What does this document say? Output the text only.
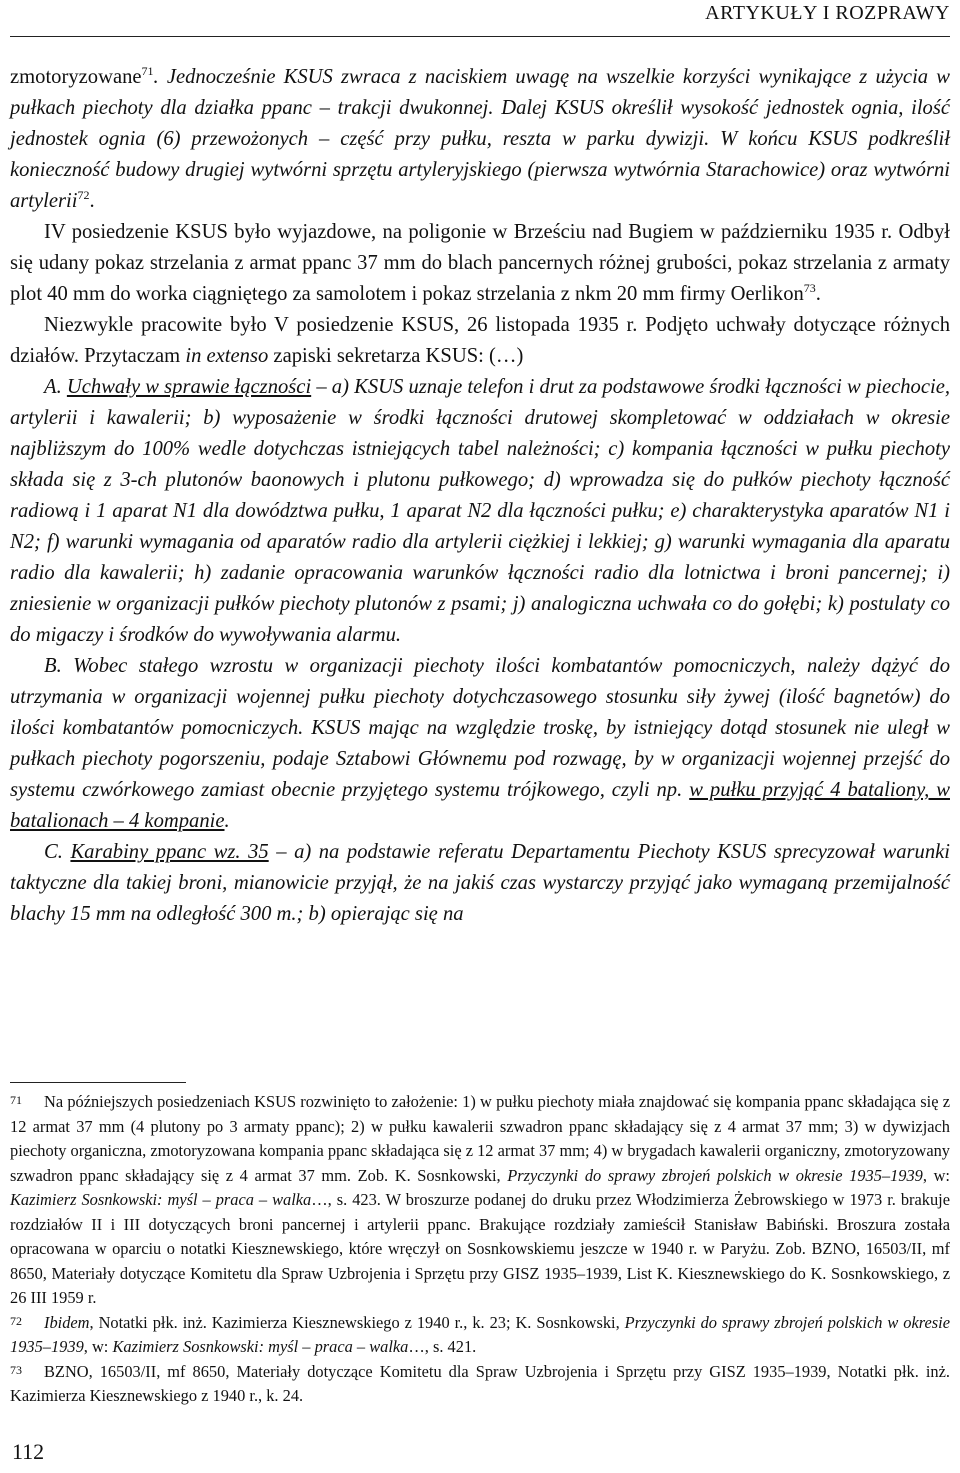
ARTYKUŁY I ROZPRAWY

zmotoryzowane$^{71}$. Jednocześnie KSUS zwraca z naciskiem uwagę na wszelkie korzyści wynikające z użycia w pułkach piechoty dla działka ppanc – trakcji dwukonnej. Dalej KSUS określił wysokość jednostek ognia, ilość jednostek ognia (6) przewożonych – część przy pułku, reszta w parku dywizji. W końcu KSUS podkreślił konieczność budowy drugiej wytwórni sprzętu artyleryjskiego (pierwsza wytwórnia Starachowice) oraz wytwórni artylerii$^{72}$.

IV posiedzenie KSUS było wyjazdowe, na poligonie w Brześciu nad Bugiem w październiku 1935 r. Odbył się udany pokaz strzelania z armat ppanc 37 mm do blach pancernych różnej grubości, pokaz strzelania z armaty plot 40 mm do worka ciągniętego za samolotem i pokaz strzelania z nkm 20 mm firmy Oerlikon$^{73}$.

Niezwykle pracowite było V posiedzenie KSUS, 26 listopada 1935 r. Podjęto uchwały dotyczące różnych działów. Przytaczam in extenso zapiski sekretarza KSUS: (…)

A. Uchwały w sprawie łączności – a) KSUS uznaje telefon i drut za podstawowe środki łączności w piechocie, artylerii i kawalerii; b) wyposażenie w środki łączności drutowej skompletować w oddziałach w okresie najbliższym do 100% wedle dotychczas istniejących tabel należności; c) kompania łączności w pułku piechoty składa się z 3-ch plutonów baonowych i plutonu pułkowego; d) wprowadza się do pułków piechoty łączność radiową i 1 aparat N1 dla dowództwa pułku, 1 aparat N2 dla łączności pułku; e) charakterystyka aparatów N1 i N2; f) warunki wymagania od aparatów radio dla artylerii ciężkiej i lekkiej; g) warunki wymagania dla aparatu radio dla kawalerii; h) zadanie opracowania warunków łączności radio dla lotnictwa i broni pancernej; i) zniesienie w organizacji pułków piechoty plutonów z psami; j) analogiczna uchwała co do gołębi; k) postulaty co do migaczy i środków do wywoływania alarmu.

B. Wobec stałego wzrostu w organizacji piechoty ilości kombatantów pomocniczych, należy dążyć do utrzymania w organizacji wojennej pułku piechoty dotychczasowego stosunku siły żywej (ilość bagnetów) do ilości kombatantów pomocniczych. KSUS mając na względzie troskę, by istniejący dotąd stosunek nie uległ w pułkach piechoty pogorszeniu, podaje Sztabowi Głównemu pod rozwagę, by w organizacji wojennej przejść do systemu czwórkowego zamiast obecnie przyjętego systemu trójkowego, czyli np. w pułku przyjąć 4 bataliony, w batalionach – 4 kompanie.

C. Karabiny ppanc wz. 35 – a) na podstawie referatu Departamentu Piechoty KSUS sprecyzował warunki taktyczne dla takiej broni, mianowicie przyjął, że na jakiś czas wystarczy przyjąć jako wymaganą przemijalność blachy 15 mm na odległość 300 m.; b) opierając się na

71 Na późniejszych posiedzeniach KSUS rozwinięto to założenie: 1) w pułku piechoty miała znajdować się kompania ppanc składająca się z 12 armat 37 mm (4 plutony po 3 armaty ppanc); 2) w pułku kawalerii szwadron ppanc składający się z 4 armat 37 mm; 3) w dywizjach piechoty organiczna, zmotoryzowana kompania ppanc składająca się z 12 armat 37 mm; 4) w brygadach kawalerii organiczny, zmotoryzowany szwadron ppanc składający się z 4 armat 37 mm. Zob. K. Sosnkowski, Przyczynki do sprawy zbrojeń polskich w okresie 1935–1939, w: Kazimierz Sosnkowski: myśl – praca – walka…, s. 423. W broszurze podanej do druku przez Włodzimierza Żebrowskiego w 1973 r. brakuje rozdziałów II i III dotyczących broni pancernej i artylerii ppanc. Brakujące rozdziały zamieścił Stanisław Babiński. Broszura została opracowana w oparciu o notatki Kiesznewskiego, które wręczył on Sosnkowskiemu jeszcze w 1940 r. w Paryżu. Zob. BZNO, 16503/II, mf 8650, Materiały dotyczące Komitetu dla Spraw Uzbrojenia i Sprzętu przy GISZ 1935–1939, List K. Kiesznewskiego do K. Sosnkowskiego, z 26 III 1959 r.

72 Ibidem, Notatki płk. inż. Kazimierza Kiesznewskiego z 1940 r., k. 23; K. Sosnkowski, Przyczynki do sprawy zbrojeń polskich w okresie 1935–1939, w: Kazimierz Sosnkowski: myśl – praca – walka…, s. 421.

73 BZNO, 16503/II, mf 8650, Materiały dotyczące Komitetu dla Spraw Uzbrojenia i Sprzętu przy GISZ 1935–1939, Notatki płk. inż. Kazimierza Kiesznewskiego z 1940 r., k. 24.

112
